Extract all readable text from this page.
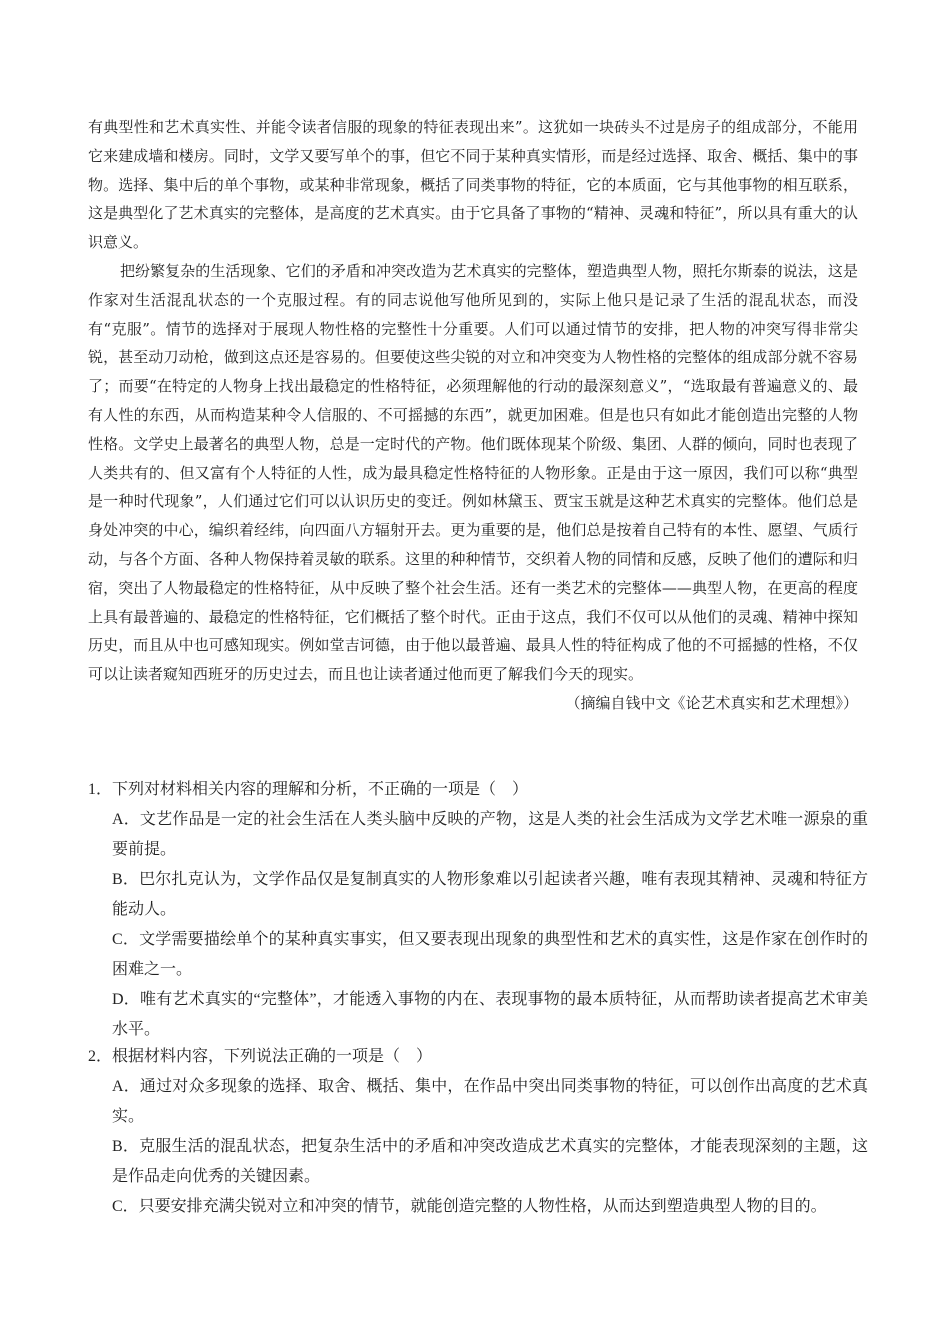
有典型性和艺术真实性、并能令读者信服的现象的特征表现出来”。这犹如一块砖头不过是房子的组成部分，不能用它来建成墙和楼房。同时，文学又要写单个的事，但它不同于某种真实情形，而是经过选择、取舍、概括、集中的事物。选择、集中后的单个事物，或某种非常现象，概括了同类事物的特征，它的本质面，它与其他事物的相互联系，这是典型化了艺术真实的完整体，是高度的艺术真实。由于它具备了事物的“精神、灵魂和特征”，所以具有重大的认识意义。

把纷繁复杂的生活现象、它们的矛盾和冲突改造为艺术真实的完整体，塑造典型人物，照托尔斯泰的说法，这是作家对生活混乱状态的一个克服过程。有的同志说他写他所见到的，实际上他只是记录了生活的混乱状态，而没有“克服”。情节的选择对于展现人物性格的完整性十分重要。人们可以通过情节的安排，把人物的冲突写得非常尖锐，甚至动刀动枪，做到这点还是容易的。但要使这些尖锐的对立和冲突变为人物性格的完整体的组成部分就不容易了；而要“在特定的人物身上找出最稳定的性格特征，必须理解他的行动的最深刻意义”，“选取最有普遍意义的、最有人性的东西，从而构造某种令人信服的、不可摇撼的东西”，就更加困难。但是也只有如此才能创造出完整的人物性格。文学史上最著名的典型人物，总是一定时代的产物。他们既体现某个阶级、集团、人群的倾向，同时也表现了人类共有的、但又富有个人特征的人性，成为最具稳定性格特征的人物形象。正是由于这一原因，我们可以称“典型是一种时代现象”，人们通过它们可以认识历史的变迁。例如林黛玉、贾宝玉就是这种艺术真实的完整体。他们总是身处冲突的中心，编织着经纬，向四面八方辐射开去。更为重要的是，他们总是按着自己特有的本性、愿望、气质行动，与各个方面、各种人物保持着灵敏的联系。这里的种种情节，交织着人物的同情和反感，反映了他们的遭际和归宿，突出了人物最稳定的性格特征，从中反映了整个社会生活。还有一类艺术的完整体——典型人物，在更高的程度上具有最普遍的、最稳定的性格特征，它们概括了整个时代。正由于这点，我们不仅可以从他们的灵魂、精神中探知历史，而且从中也可感知现实。例如堂吉诃德，由于他以最普遍、最具人性的特征构成了他的不可摇撼的性格，不仅可以让读者窥知西班牙的历史过去，而且也让读者通过他而更了解我们今天的现实。

（摘编自钱中文《论艺术真实和艺术理想》）

1．下列对材料相关内容的理解和分析，不正确的一项是（　）

A．文艺作品是一定的社会生活在人类头脑中反映的产物，这是人类的社会生活成为文学艺术唯一源泉的重要前提。

B．巴尔扎克认为，文学作品仅是复制真实的人物形象难以引起读者兴趣，唯有表现其精神、灵魂和特征方能动人。

C．文学需要描绘单个的某种真实事实，但又要表现出现象的典型性和艺术的真实性，这是作家在创作时的困难之一。

D．唯有艺术真实的“完整体”，才能透入事物的内在、表现事物的最本质特征，从而帮助读者提高艺术审美水平。

2．根据材料内容，下列说法正确的一项是（　）

A．通过对众多现象的选择、取舍、概括、集中，在作品中突出同类事物的特征，可以创作出高度的艺术真实。

B．克服生活的混乱状态，把复杂生活中的矛盾和冲突改造成艺术真实的完整体，才能表现深刻的主题，这是作品走向优秀的关键因素。

C．只要安排充满尖锐对立和冲突的情节，就能创造完整的人物性格，从而达到塑造典型人物的目的。
